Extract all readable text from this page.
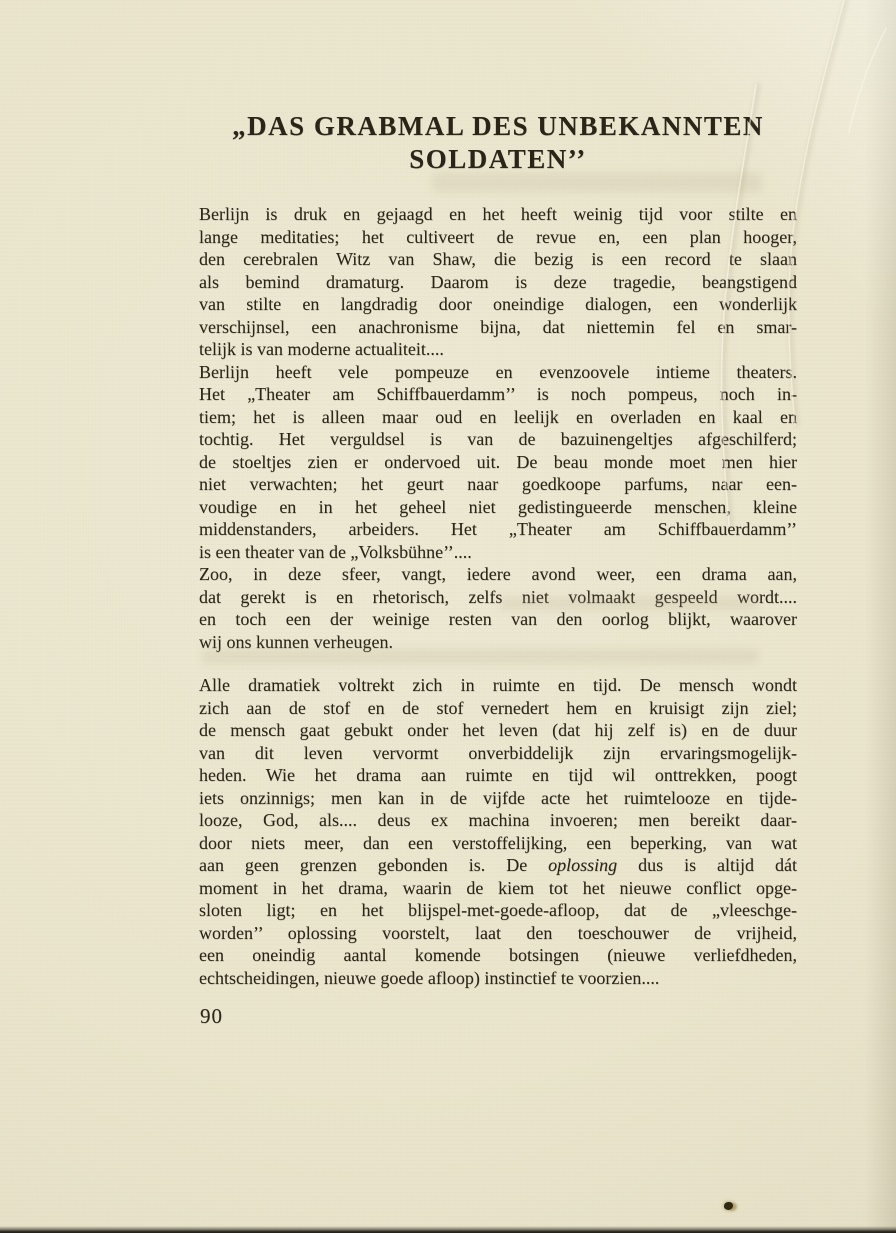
„DAS GRABMAL DES UNBEKANNTEN
SOLDATEN’’
Berlijn is druk en gejaagd en het heeft weinig tijd voor stilte en
lange meditaties; het cultiveert de revue en, een plan hooger,
den cerebralen Witz van Shaw, die bezig is een record te slaan
als bemind dramaturg. Daarom is deze tragedie, beangstigend
van stilte en langdradig door oneindige dialogen, een wonderlijk
verschijnsel, een anachronisme bijna, dat niettemin fel en smar-
telijk is van moderne actualiteit....
Berlijn heeft vele pompeuze en evenzoovele intieme theaters.
Het „Theater am Schiffbauerdamm’’ is noch pompeus, noch in-
tiem; het is alleen maar oud en leelijk en overladen en kaal en
tochtig. Het verguldsel is van de bazuinengeltjes afgeschilferd;
de stoeltjes zien er ondervoed uit. De beau monde moet men hier
niet verwachten; het geurt naar goedkoope parfums, naar een-
voudige en in het geheel niet gedistingueerde menschen, kleine
middenstanders, arbeiders. Het „Theater am Schiffbauerdamm’’
is een theater van de „Volksbühne’’....
Zoo, in deze sfeer, vangt, iedere avond weer, een drama aan,
dat gerekt is en rhetorisch, zelfs niet volmaakt gespeeld wordt....
en toch een der weinige resten van den oorlog blijkt, waarover
wij ons kunnen verheugen.
Alle dramatiek voltrekt zich in ruimte en tijd. De mensch wondt
zich aan de stof en de stof vernedert hem en kruisigt zijn ziel;
de mensch gaat gebukt onder het leven (dat hij zelf is) en de duur
van dit leven vervormt onverbiddelijk zijn ervaringsmogelijk-
heden. Wie het drama aan ruimte en tijd wil onttrekken, poogt
iets onzinnigs; men kan in de vijfde acte het ruimtelooze en tijde-
looze, God, als.... deus ex machina invoeren; men bereikt daar-
door niets meer, dan een verstoffelijking, een beperking, van wat
aan geen grenzen gebonden is. De oplossing dus is altijd dát
moment in het drama, waarin de kiem tot het nieuwe conflict opge-
sloten ligt; en het blijspel-met-goede-afloop, dat de „vleeschge-
worden’’ oplossing voorstelt, laat den toeschouwer de vrijheid,
een oneindig aantal komende botsingen (nieuwe verliefdheden,
echtscheidingen, nieuwe goede afloop) instinctief te voorzien....
90
